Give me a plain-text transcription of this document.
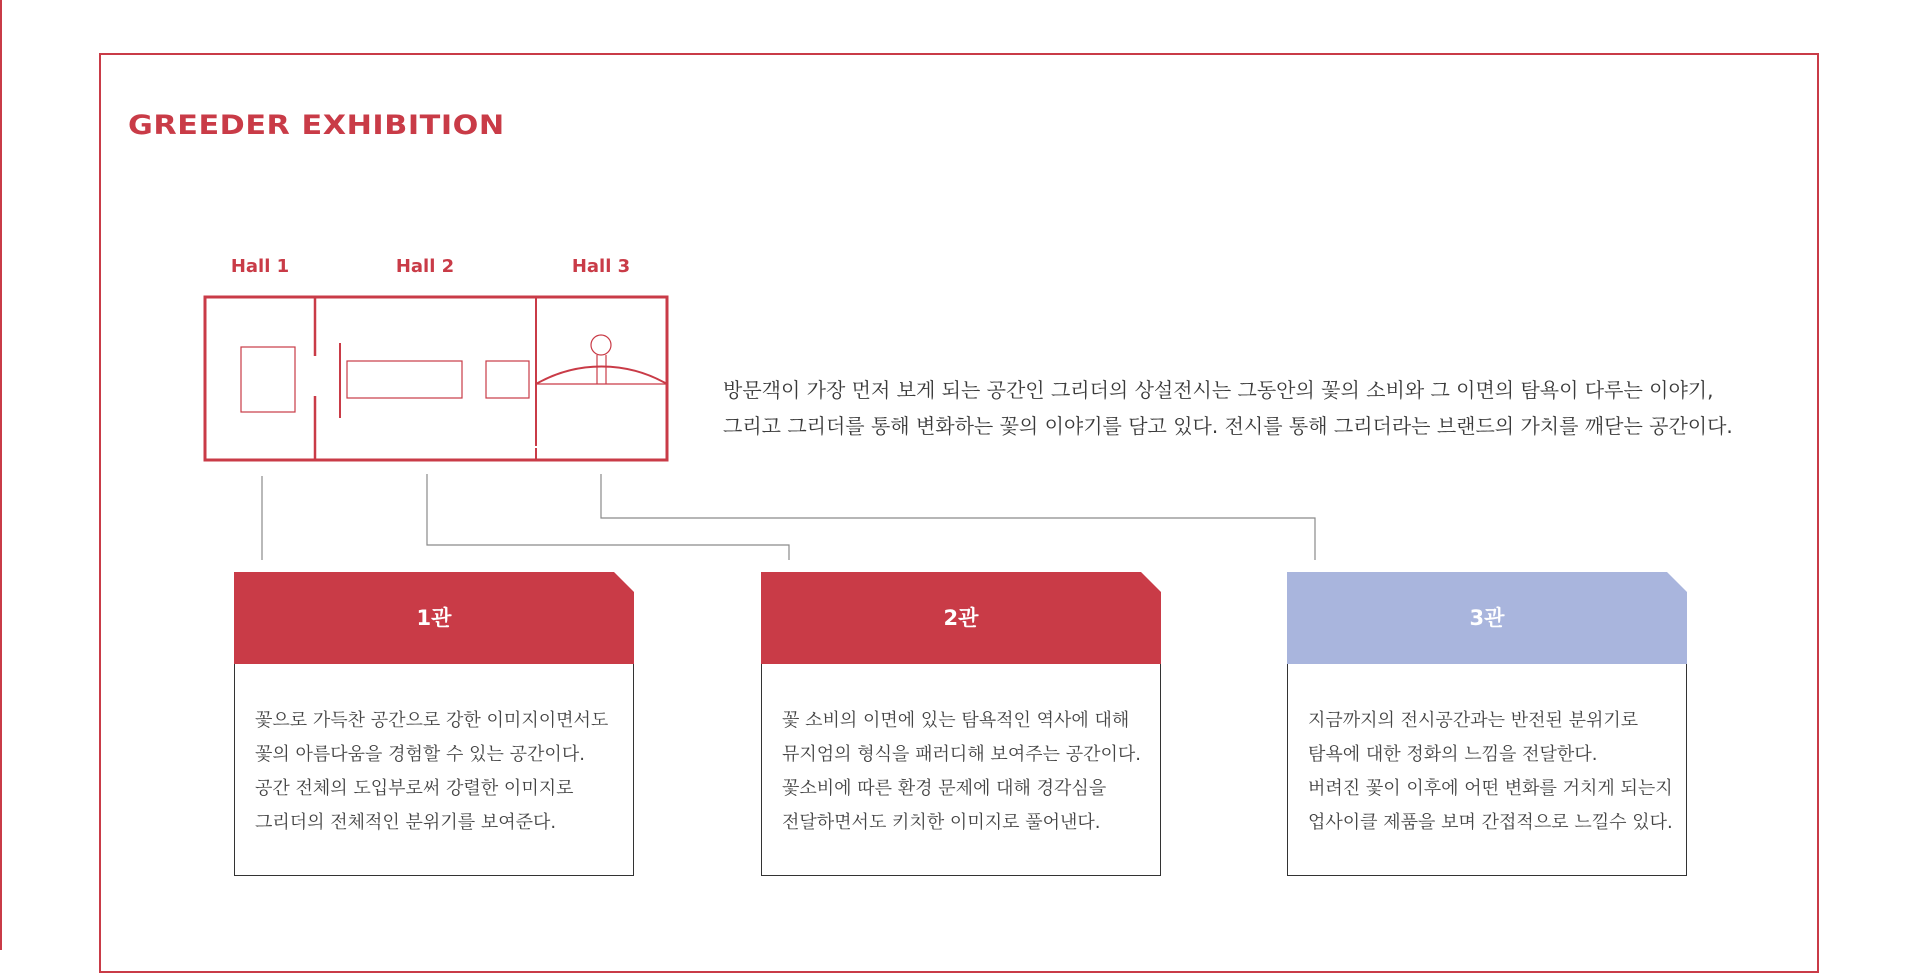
GREEDER EXHIBITION
Hall 1	Hall 2	Hall 3

방문객이 가장 먼저 보게 되는 공간인 그리더의 상설전시는 그동안의 꽃의 소비와 그 이면의 탐욕이 다루는 이야기,

그리고 그리더를 통해 변화하는 꽃의 이야기를 담고 있다. 전시를 통해 그리더라는 브랜드의 가치를 깨닫는 공간이다.

1관

꽃으로 가득찬 공간으로 강한 이미지이면서도

꽃의 아름다움을 경험할 수 있는 공간이다.

공간 전체의 도입부로써 강렬한 이미지로

그리더의 전체적인 분위기를 보여준다.

2관

꽃 소비의 이면에 있는 탐욕적인 역사에 대해

뮤지엄의 형식을 패러디해 보여주는 공간이다.

꽃소비에 따른 환경 문제에 대해 경각심을

전달하면서도 키치한 이미지로 풀어낸다.

3관

지금까지의 전시공간과는 반전된 분위기로

탐욕에 대한 정화의 느낌을 전달한다.

버려진 꽃이 이후에 어떤 변화를 거치게 되는지

업사이클 제품을 보며 간접적으로 느낄수 있다.
